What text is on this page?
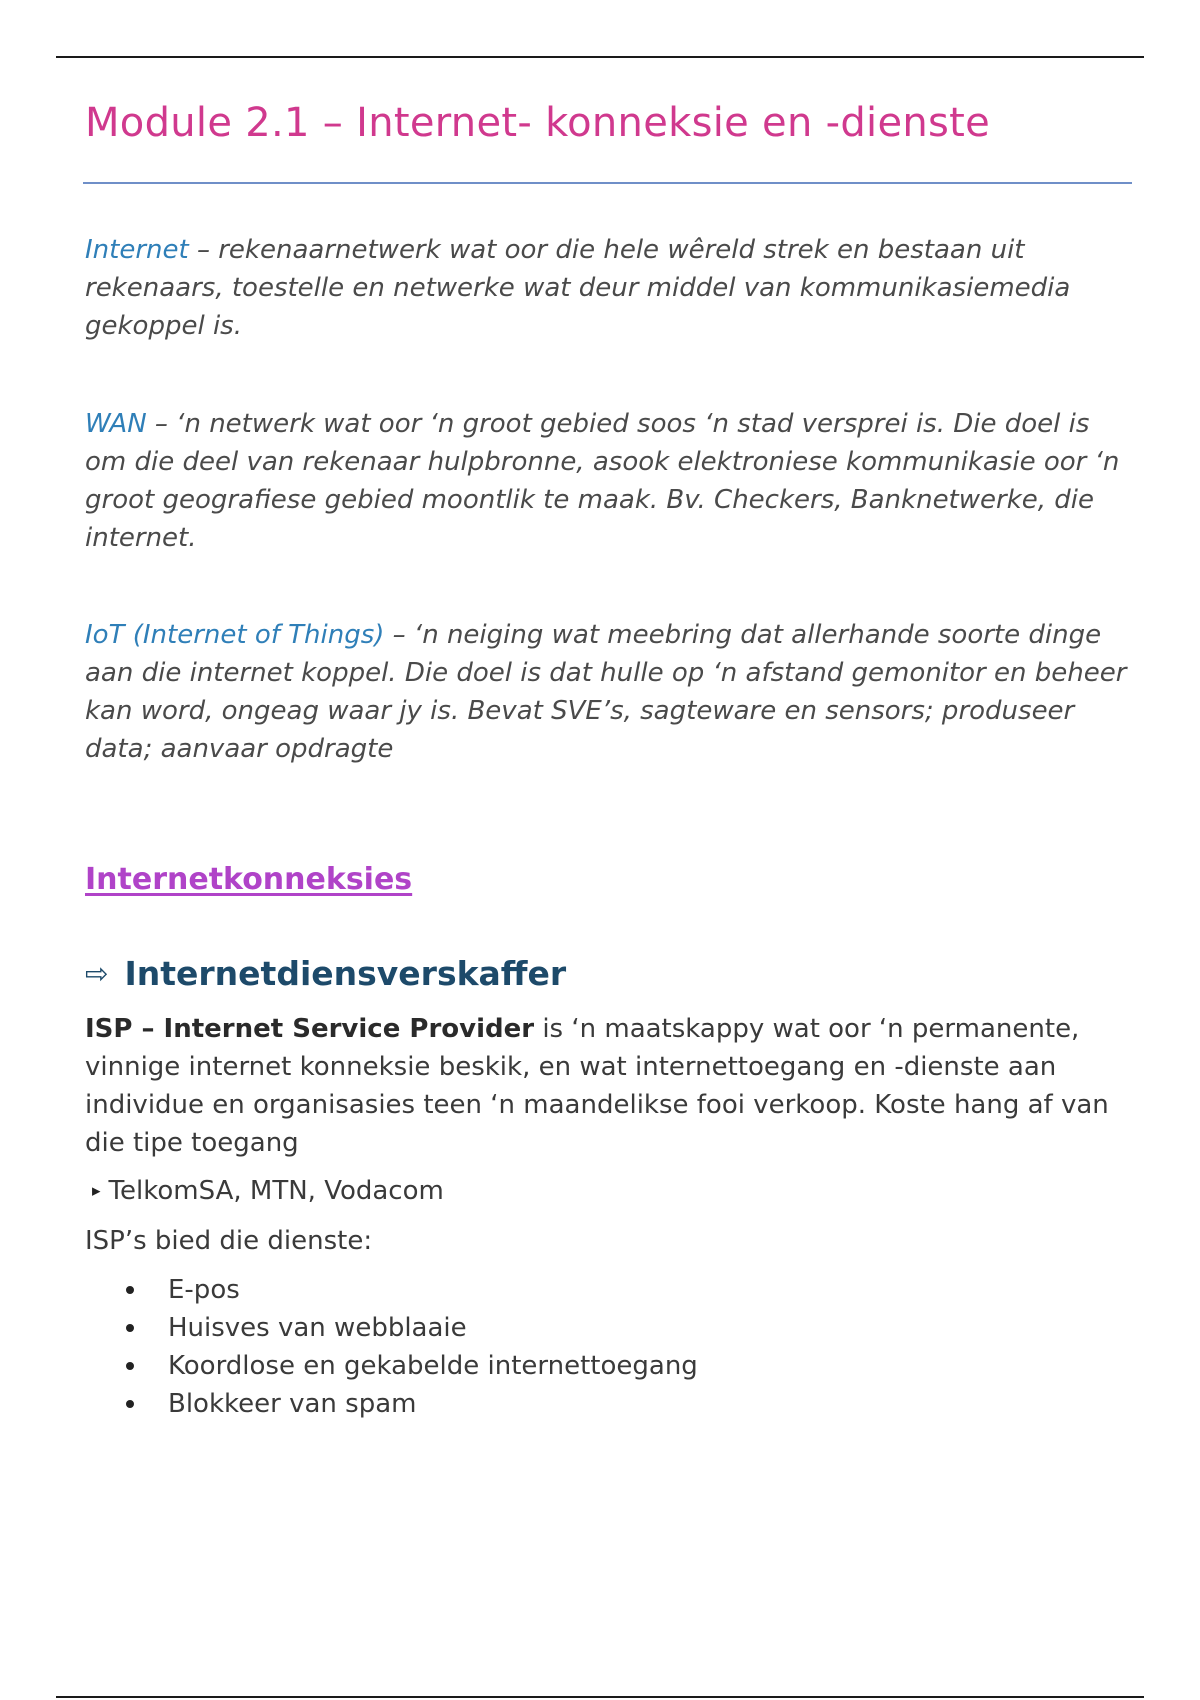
Module 2.1 – Internet- konneksie en -dienste

Internet – rekenaarnetwerk wat oor die hele wêreld strek en bestaan uit rekenaars, toestelle en netwerke wat deur middel van kommunikasiemedia gekoppel is.

WAN – ‘n netwerk wat oor ‘n groot gebied soos ‘n stad versprei is. Die doel is om die deel van rekenaar hulpbronne, asook elektroniese kommunikasie oor ‘n groot geografiese gebied moontlik te maak. Bv. Checkers, Banknetwerke, die internet.

IoT (Internet of Things) – ‘n neiging wat meebring dat allerhande soorte dinge aan die internet koppel. Die doel is dat hulle op ‘n afstand gemonitor en beheer kan word, ongeag waar jy is. Bevat SVE’s, sagteware en sensors; produseer data; aanvaar opdragte

Internetkonneksies
⇨ Internetdiensverskaffer

ISP – Internet Service Provider is ‘n maatskappy wat oor ‘n permanente, vinnige internet konneksie beskik, en wat internettoegang en -dienste aan individue en organisasies teen ‘n maandelikse fooi verkoop. Koste hang af van die tipe toegang

▸ TelkomSA, MTN, Vodacom

ISP’s bied die dienste:

E-pos
Huisves van webblaaie
Koordlose en gekabelde internettoegang
Blokkeer van spam
